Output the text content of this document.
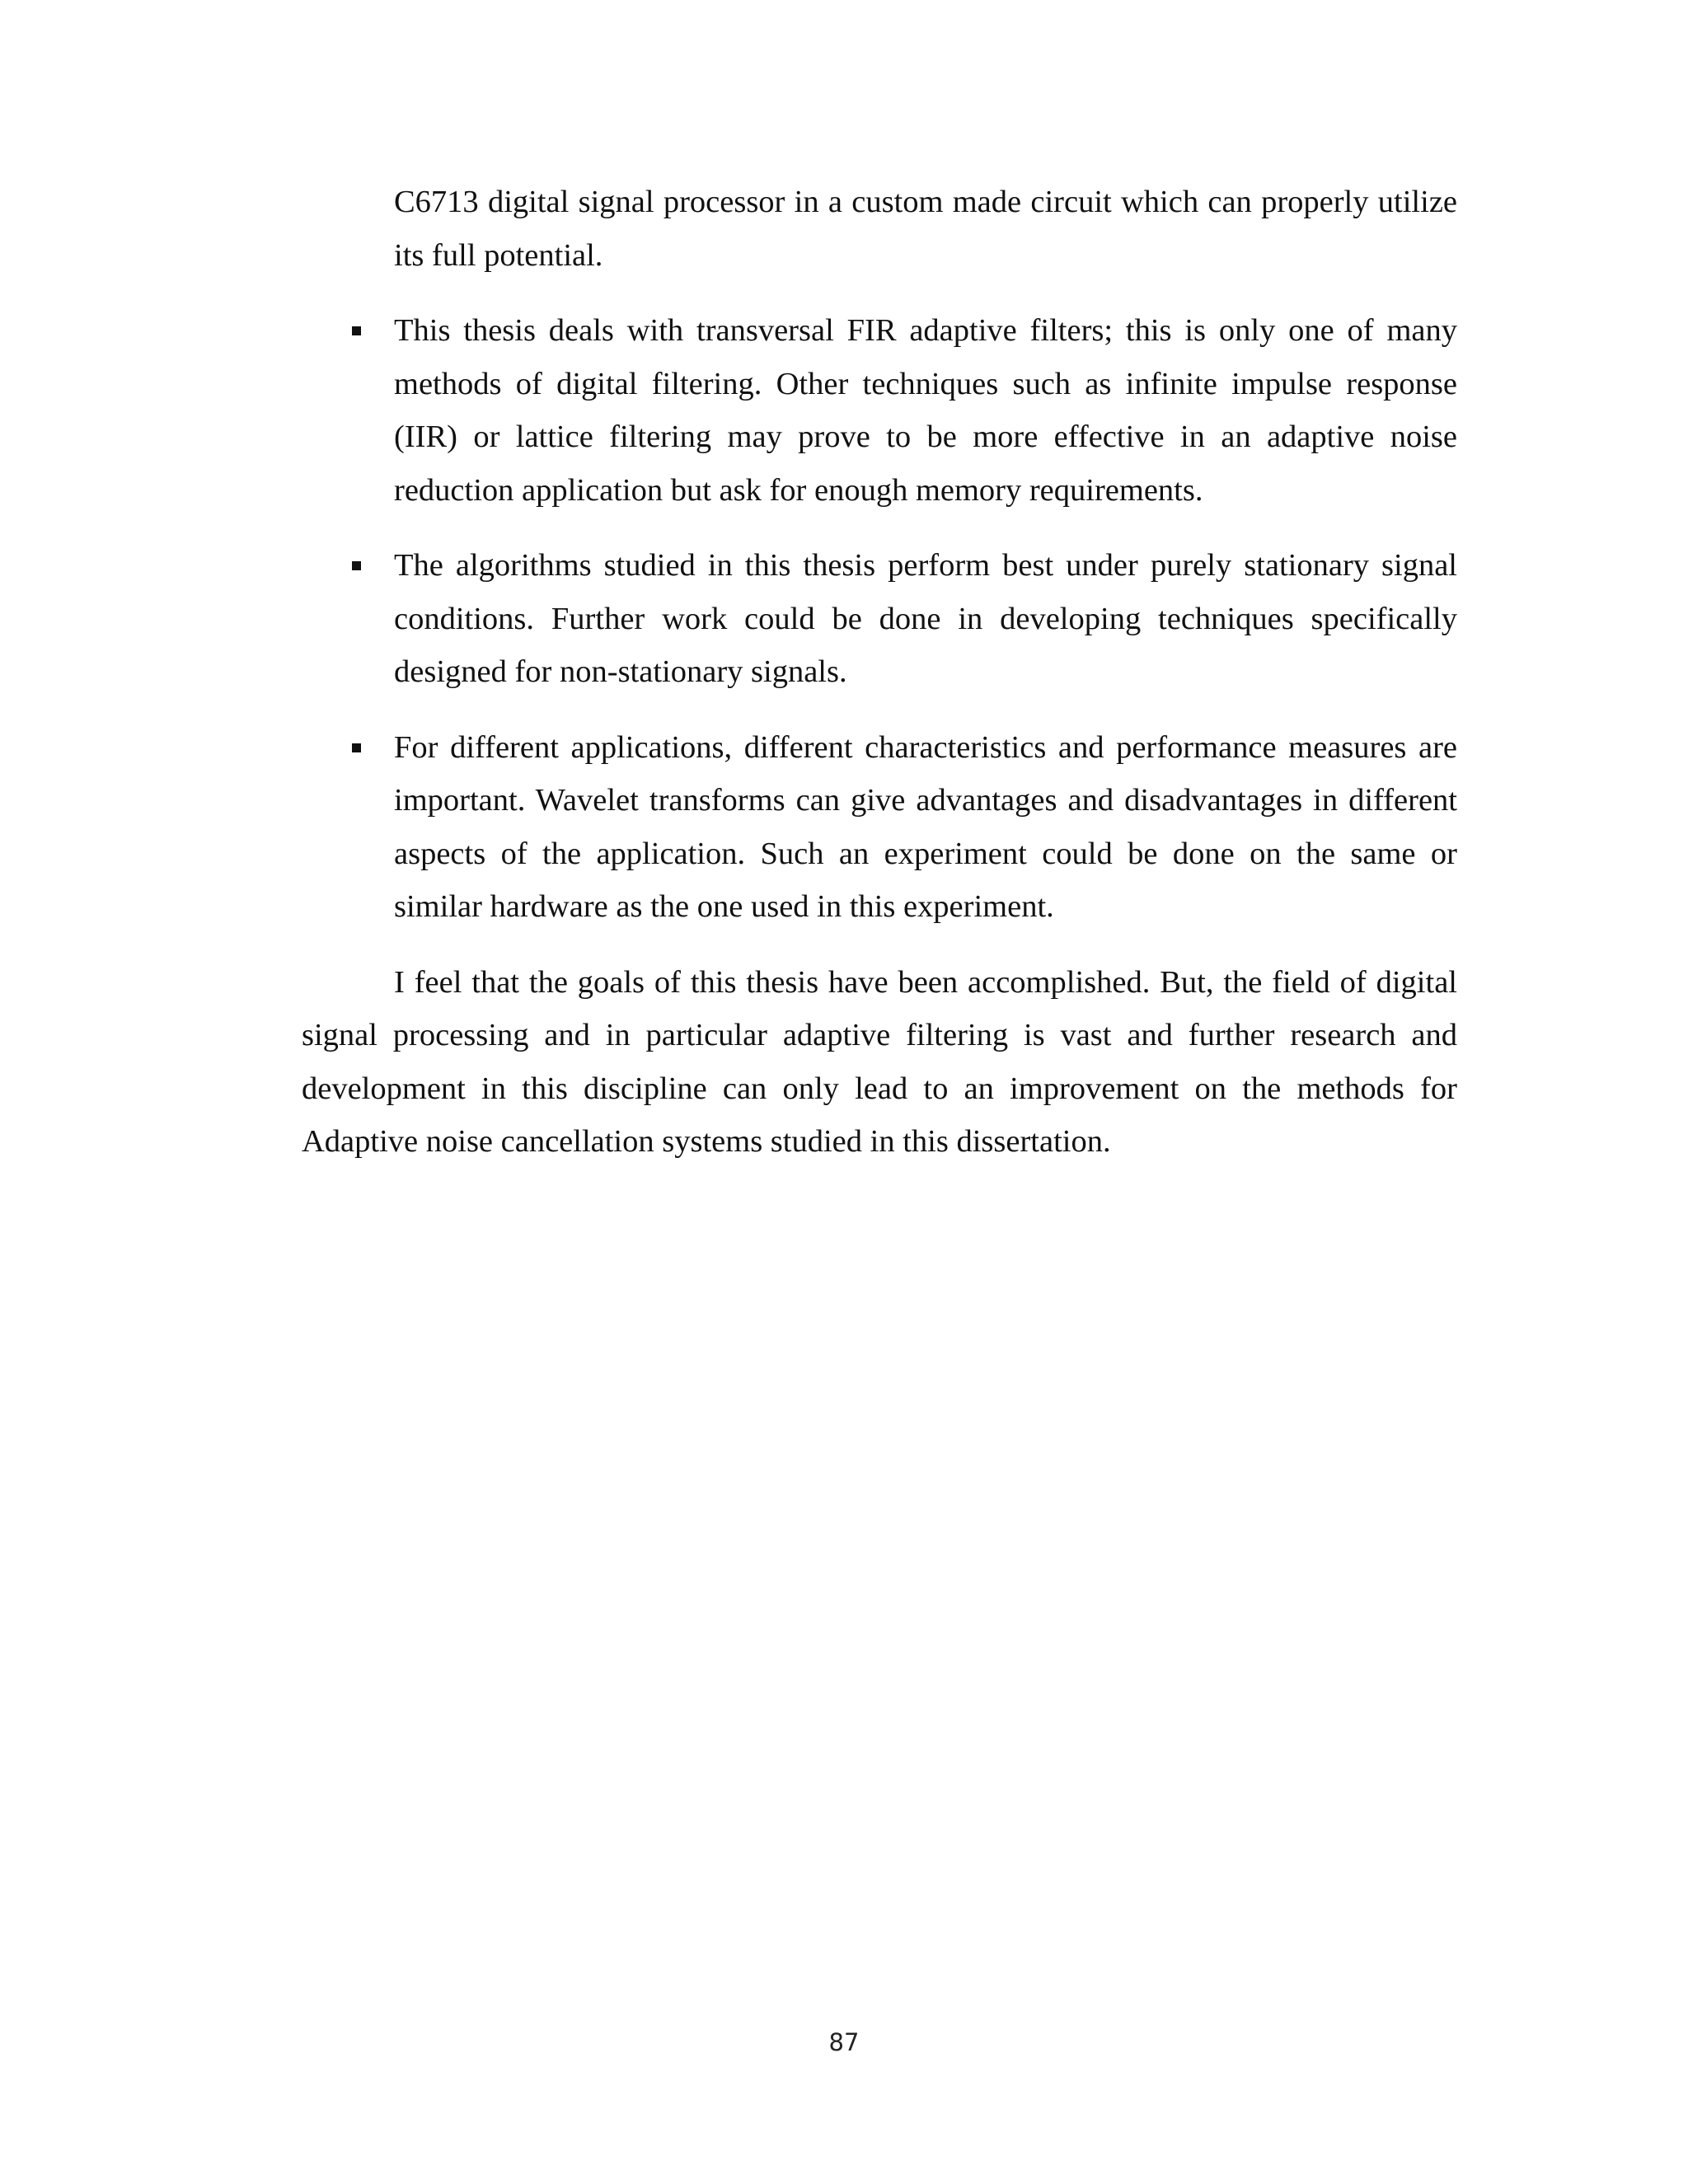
C6713 digital signal processor in a custom made circuit which can properly utilize its full potential.

This thesis deals with transversal FIR adaptive filters; this is only one of many methods of digital filtering. Other techniques such as infinite impulse response (IIR) or lattice filtering may prove to be more effective in an adaptive noise reduction application but ask for enough memory requirements.
The algorithms studied in this thesis perform best under purely stationary signal conditions. Further work could be done in developing techniques specifically designed for non-stationary signals.
For different applications, different characteristics and performance measures are important. Wavelet transforms can give advantages and disadvantages in different aspects of the application. Such an experiment could be done on the same or similar hardware as the one used in this experiment.

I feel that the goals of this thesis have been accomplished. But, the field of digital signal processing and in particular adaptive filtering is vast and further research and development in this discipline can only lead to an improvement on the methods for Adaptive noise cancellation systems studied in this dissertation.

87
